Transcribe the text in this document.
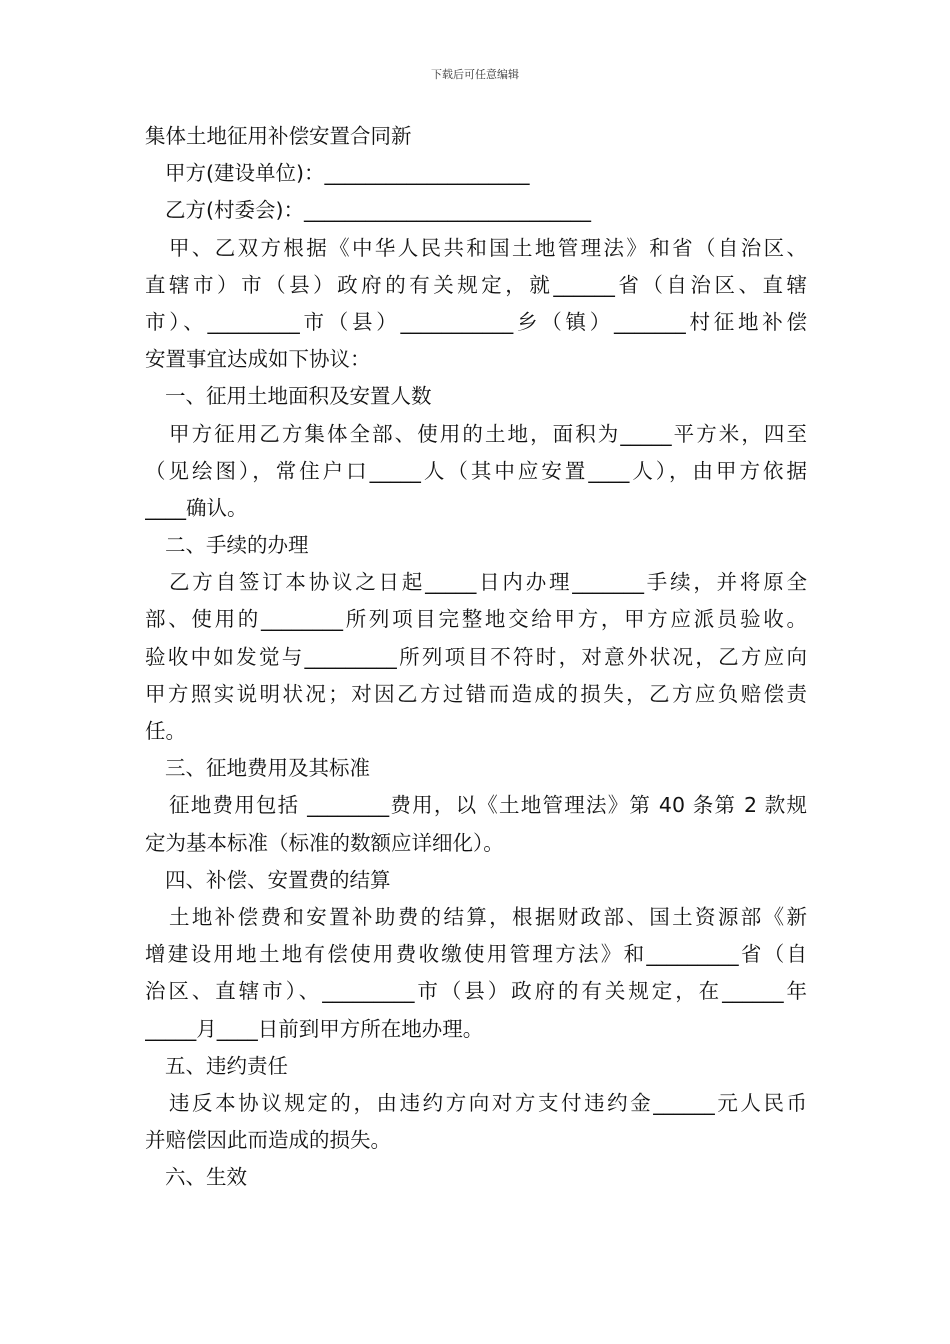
下载后可任意编辑
集体土地征用补偿安置合同新
甲方(建设单位)：____________________
乙方(村委会)：____________________________
甲、乙双方根据《中华人民共和国土地管理法》和省（自治区、
直辖市）市（县）政府的有关规定，就______省（自治区、直辖
市）、_________市（县）___________乡（镇）_______村征地补偿
安置事宜达成如下协议：
一、征用土地面积及安置人数
甲方征用乙方集体全部、使用的土地，面积为_____平方米，四至
（见绘图），常住户口_____人（其中应安置____人），由甲方依据
____确认。
二、手续的办理
乙方自签订本协议之日起_____日内办理_______手续，并将原全
部、使用的________所列项目完整地交给甲方，甲方应派员验收。
验收中如发觉与_________所列项目不符时，对意外状况，乙方应向
甲方照实说明状况；对因乙方过错而造成的损失，乙方应负赔偿责
任。
三、征地费用及其标准
征地费用包括 ________费用，以《土地管理法》第 40 条第 2 款规
定为基本标准（标准的数额应详细化）。
四、补偿、安置费的结算
土地补偿费和安置补助费的结算，根据财政部、国土资源部《新
增建设用地土地有偿使用费收缴使用管理方法》和_________省（自
治区、直辖市）、_________市（县）政府的有关规定，在______年
_____月____日前到甲方所在地办理。
五、违约责任
违反本协议规定的，由违约方向对方支付违约金______元人民币
并赔偿因此而造成的损失。
六、生效
